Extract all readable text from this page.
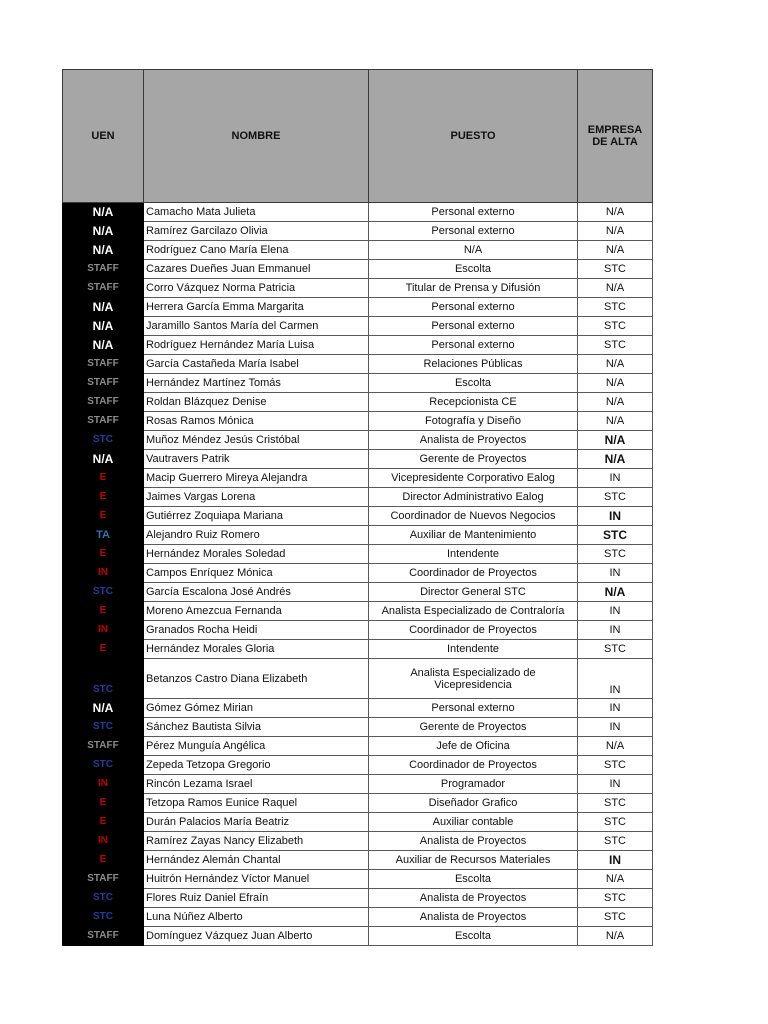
UEN	NOMBRE	PUESTO	EMPRESA DE ALTA
N/A	Camacho Mata Julieta	Personal externo	N/A
N/A	Ramírez Garcilazo Olivia	Personal externo	N/A
N/A	Rodríguez Cano María Elena	N/A	N/A
STAFF	Cazares Dueñes Juan Emmanuel	Escolta	STC
STAFF	Corro Vázquez Norma Patricia	Titular de Prensa y Difusión	N/A
N/A	Herrera García Emma Margarita	Personal externo	STC
N/A	Jaramillo Santos María del Carmen	Personal externo	STC
N/A	Rodríguez Hernández María Luisa	Personal externo	STC
STAFF	García Castañeda María Isabel	Relaciones Públicas	N/A
STAFF	Hernández Martínez Tomás	Escolta	N/A
STAFF	Roldan Blázquez Denise	Recepcionista CE	N/A
STAFF	Rosas Ramos Mónica	Fotografía y Diseño	N/A
STC	Muñoz Méndez Jesús Cristóbal	Analista de Proyectos	N/A
N/A	Vautravers Patrik	Gerente de Proyectos	N/A
E	Macip Guerrero Mireya Alejandra	Vicepresidente Corporativo Ealog	IN
E	Jaimes Vargas Lorena	Director Administrativo Ealog	STC
E	Gutiérrez Zoquiapa Mariana	Coordinador de Nuevos Negocios	IN
TA	Alejandro Ruiz Romero	Auxiliar de Mantenimiento	STC
E	Hernández Morales Soledad	Intendente	STC
IN	Campos Enríquez Mónica	Coordinador de Proyectos	IN
STC	García Escalona José Andrés	Director General STC	N/A
E	Moreno Amezcua Fernanda	Analista Especializado de Contraloría	IN
IN	Granados Rocha Heidi	Coordinador de Proyectos	IN
E	Hernández Morales Gloria	Intendente	STC
STC	Betanzos Castro Diana Elizabeth	Analista Especializado de Vicepresidencia	IN
N/A	Gómez Gómez Mirian	Personal externo	IN
STC	Sánchez Bautista Silvia	Gerente de Proyectos	IN
STAFF	Pérez Munguía Angélica	Jefe de Oficina	N/A
STC	Zepeda Tetzopa Gregorio	Coordinador de Proyectos	STC
IN	Rincón Lezama Israel	Programador	IN
E	Tetzopa Ramos Eunice Raquel	Diseñador Grafico	STC
E	Durán Palacios María Beatriz	Auxiliar contable	STC
IN	Ramírez Zayas Nancy Elizabeth	Analista de Proyectos	STC
E	Hernández Alemán Chantal	Auxiliar de Recursos Materiales	IN
STAFF	Huitrón Hernández Víctor Manuel	Escolta	N/A
STC	Flores Ruiz Daniel Efraín	Analista de Proyectos	STC
STC	Luna Núñez Alberto	Analista de Proyectos	STC
STAFF	Domínguez Vázquez Juan Alberto	Escolta	N/A
